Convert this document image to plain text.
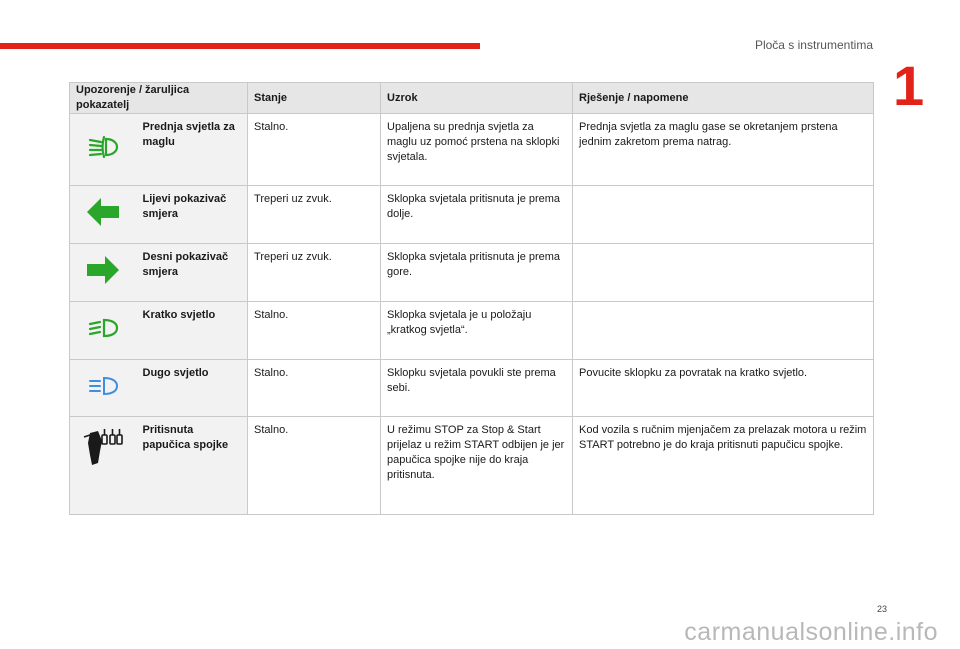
Ploča s instrumentima
1
Upozorenje / žaruljica pokazatelj		Stanje	Uzrok	Rješenje / napomene
	Prednja svjetla za maglu	Stalno.	Upaljena su prednja svjetla za maglu uz pomoć prstena na sklopki svjetala.	Prednja svjetla za maglu gase se okretanjem prstena jednim zakretom prema natrag.
	Lijevi pokazivač smjera	Treperi uz zvuk.	Sklopka svjetala pritisnuta je prema dolje.	
	Desni pokazivač smjera	Treperi uz zvuk.	Sklopka svjetala pritisnuta je prema gore.	
	Kratko svjetlo	Stalno.	Sklopka svjetala je u položaju „kratkog svjetla“.	
	Dugo svjetlo	Stalno.	Sklopku svjetala povukli ste prema sebi.	Povucite sklopku za povratak na kratko svjetlo.
	Pritisnuta papučica spojke	Stalno.	U režimu STOP za Stop & Start prijelaz u režim START odbijen je jer papučica spojke nije do kraja pritisnuta.	Kod vozila s ručnim mjenjačem za prelazak motora u režim START potrebno je do kraja pritisnuti papučicu spojke.
23
carmanualsonline.info
